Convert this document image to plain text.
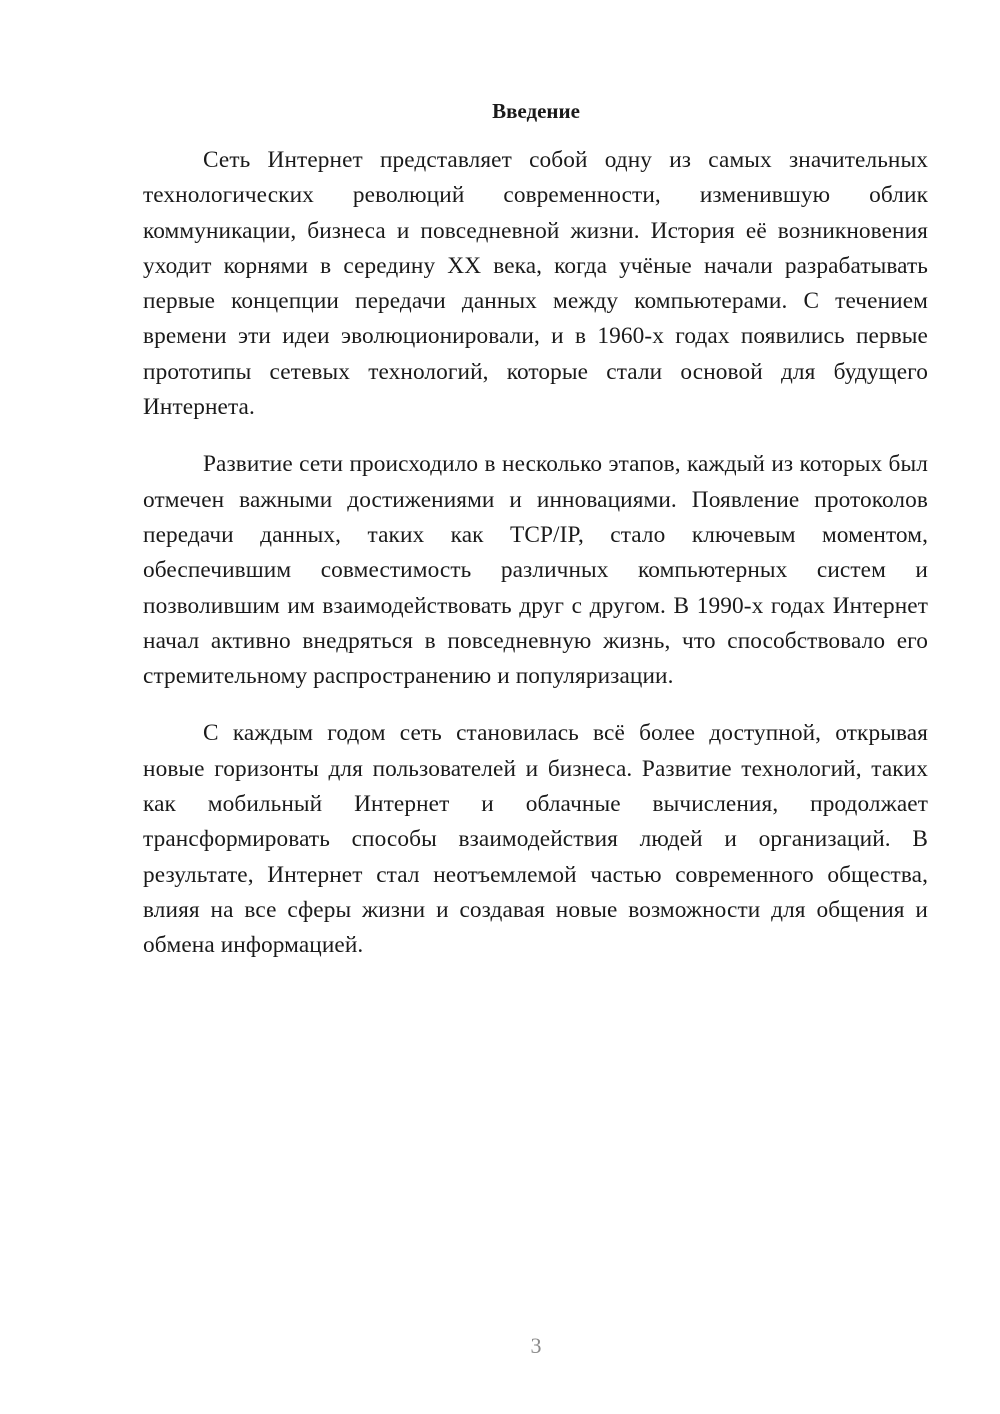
Введение

Сеть Интернет представляет собой одну из самых значительных технологических революций современности, изменившую облик коммуникации, бизнеса и повседневной жизни. История её возникновения уходит корнями в середину XX века, когда учёные начали разрабатывать первые концепции передачи данных между компьютерами. С течением времени эти идеи эволюционировали, и в 1960-х годах появились первые прототипы сетевых технологий, которые стали основой для будущего Интернета.

Развитие сети происходило в несколько этапов, каждый из которых был отмечен важными достижениями и инновациями. Появление протоколов передачи данных, таких как TCP/IP, стало ключевым моментом, обеспечившим совместимость различных компьютерных систем и позволившим им взаимодействовать друг с другом. В 1990-х годах Интернет начал активно внедряться в повседневную жизнь, что способствовало его стремительному распространению и популяризации.

С каждым годом сеть становилась всё более доступной, открывая новые горизонты для пользователей и бизнеса. Развитие технологий, таких как мобильный Интернет и облачные вычисления, продолжает трансформировать способы взаимодействия людей и организаций. В результате, Интернет стал неотъемлемой частью современного общества, влияя на все сферы жизни и создавая новые возможности для общения и обмена информацией.

3
